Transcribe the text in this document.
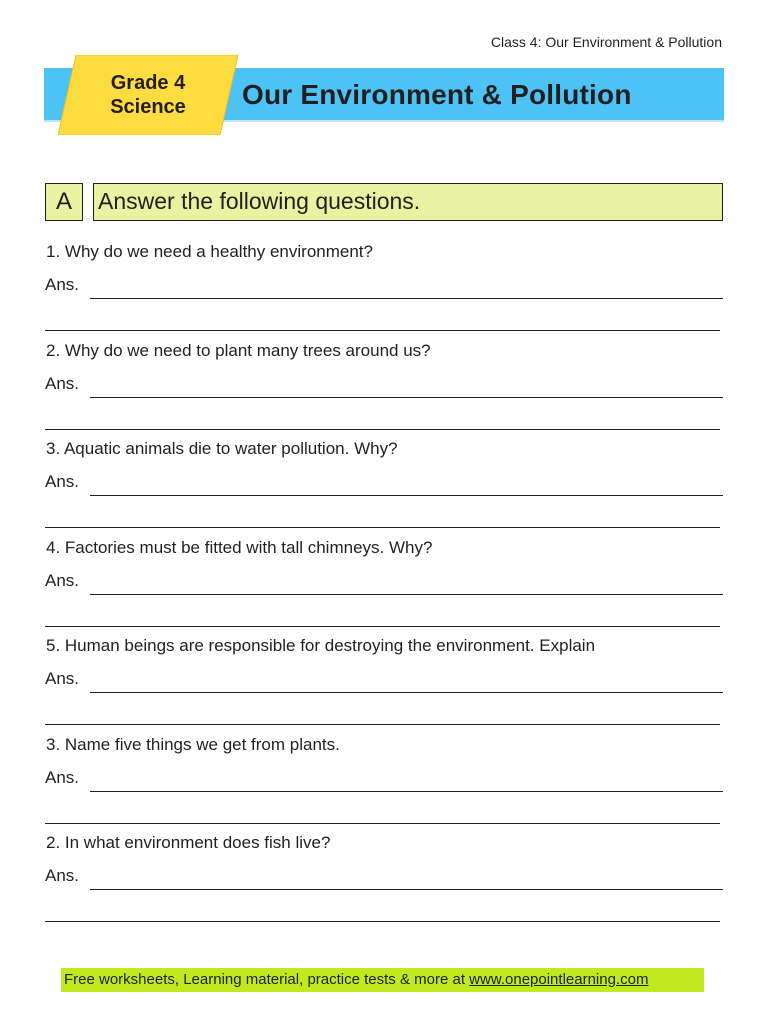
Class 4: Our Environment & Pollution
Our Environment & Pollution
Grade 4
Science
A	Answer the following questions.
1. Why do we need a healthy environment?
Ans.
2. Why do we need to plant many trees around us?
Ans.
3. Aquatic animals die to water pollution. Why?
Ans.
4. Factories must be fitted with tall chimneys. Why?
Ans.
5. Human beings are responsible for destroying the environment. Explain
Ans.
3. Name five things we get from plants.
Ans.
2. In what environment does fish live?
Ans.
Free worksheets, Learning material, practice tests & more at www.onepointlearning.com
